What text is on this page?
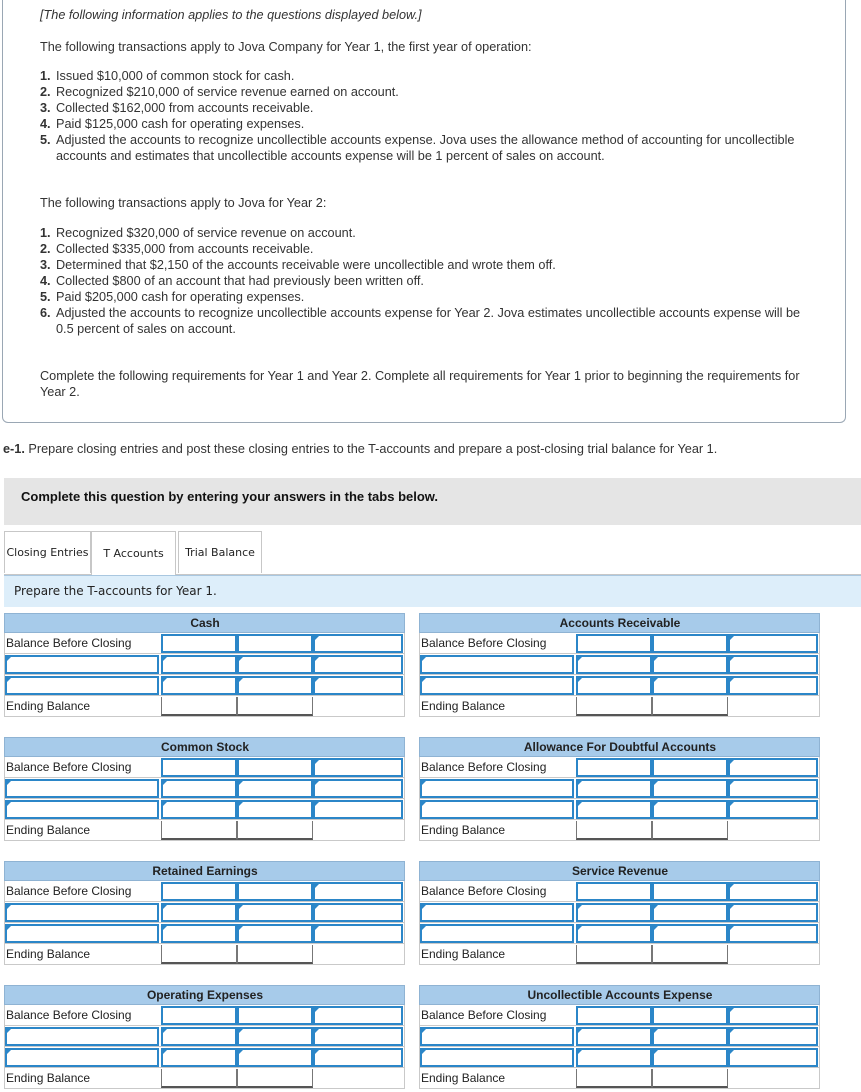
[The following information applies to the questions displayed below.]
The following transactions apply to Jova Company for Year 1, the first year of operation:
1. Issued $10,000 of common stock for cash.
2. Recognized $210,000 of service revenue earned on account.
3. Collected $162,000 from accounts receivable.
4. Paid $125,000 cash for operating expenses.
5. Adjusted the accounts to recognize uncollectible accounts expense. Jova uses the allowance method of accounting for uncollectible accounts and estimates that uncollectible accounts expense will be 1 percent of sales on account.
The following transactions apply to Jova for Year 2:
1. Recognized $320,000 of service revenue on account.
2. Collected $335,000 from accounts receivable.
3. Determined that $2,150 of the accounts receivable were uncollectible and wrote them off.
4. Collected $800 of an account that had previously been written off.
5. Paid $205,000 cash for operating expenses.
6. Adjusted the accounts to recognize uncollectible accounts expense for Year 2. Jova estimates uncollectible accounts expense will be 0.5 percent of sales on account.
Complete the following requirements for Year 1 and Year 2. Complete all requirements for Year 1 prior to beginning the requirements for Year 2.
e-1. Prepare closing entries and post these closing entries to the T-accounts and prepare a post-closing trial balance for Year 1.
Complete this question by entering your answers in the tabs below.
Closing Entries	T Accounts	Trial Balance
Prepare the T-accounts for Year 1.
Cash
Balance Before Closing
Ending Balance
Accounts Receivable
Balance Before Closing
Ending Balance
Common Stock
Balance Before Closing
Ending Balance
Allowance For Doubtful Accounts
Balance Before Closing
Ending Balance
Retained Earnings
Balance Before Closing
Ending Balance
Service Revenue
Balance Before Closing
Ending Balance
Operating Expenses
Balance Before Closing
Ending Balance
Uncollectible Accounts Expense
Balance Before Closing
Ending Balance
